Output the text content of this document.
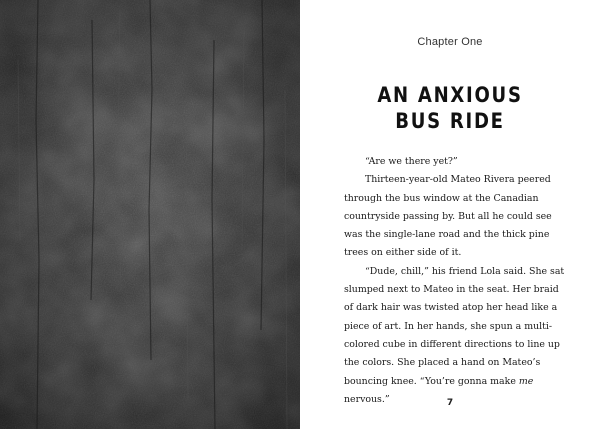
Chapter One
AN ANXIOUS
BUS RIDE

“Are we there yet?”

Thirteen-year-old Mateo Rivera peered through the bus window at the Canadian countryside passing by. But all he could see was the single-lane road and the thick pine trees on either side of it.

“Dude, chill,” his friend Lola said. She sat slumped next to Mateo in the seat. Her braid of dark hair was twisted atop her head like a piece of art. In her hands, she spun a multi-colored cube in different directions to line up the colors. She placed a hand on Mateo’s bouncing knee. “You’re gonna make me nervous.”	7
